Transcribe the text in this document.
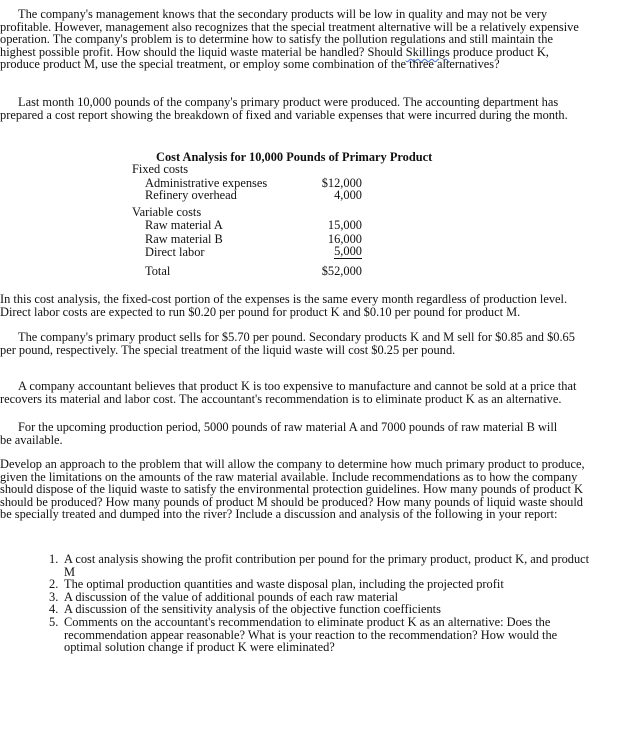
The company's management knows that the secondary products will be low in quality and may not be very profitable. However, management also recognizes that the special treatment alternative will be a relatively expensive operation. The company's problem is to determine how to satisfy the pollution regulations and still maintain the highest possible profit. How should the liquid waste material be handled? Should Skillings produce product K, produce product M, use the special treatment, or employ some combination of the three alternatives?

Last month 10,000 pounds of the company's primary product were produced. The accounting department has prepared a cost report showing the breakdown of fixed and variable expenses that were incurred during the month.

Cost Analysis for 10,000 Pounds of Primary Product
Fixed costs
Administrative expenses	$12,000
Refinery overhead	4,000
Variable costs
Raw material A	15,000
Raw material B	16,000
Direct labor	5,000
Total	$52,000

In this cost analysis, the fixed-cost portion of the expenses is the same every month regardless of production level. Direct labor costs are expected to run $0.20 per pound for product K and $0.10 per pound for product M.

The company's primary product sells for $5.70 per pound. Secondary products K and M sell for $0.85 and $0.65 per pound, respectively. The special treatment of the liquid waste will cost $0.25 per pound.

A company accountant believes that product K is too expensive to manufacture and cannot be sold at a price that recovers its material and labor cost. The accountant's recommendation is to eliminate product K as an alternative.

For the upcoming production period, 5000 pounds of raw material A and 7000 pounds of raw material B will be available.

Develop an approach to the problem that will allow the company to determine how much primary product to produce, given the limitations on the amounts of the raw material available. Include recommendations as to how the company should dispose of the liquid waste to satisfy the environmental protection guidelines. How many pounds of product K should be produced? How many pounds of product M should be produced? How many pounds of liquid waste should be specially treated and dumped into the river? Include a discussion and analysis of the following in your report:

1. A cost analysis showing the profit contribution per pound for the primary product, product K, and product M
2. The optimal production quantities and waste disposal plan, including the projected profit
3. A discussion of the value of additional pounds of each raw material
4. A discussion of the sensitivity analysis of the objective function coefficients
5. Comments on the accountant's recommendation to eliminate product K as an alternative: Does the recommendation appear reasonable? What is your reaction to the recommendation? How would the optimal solution change if product K were eliminated?
